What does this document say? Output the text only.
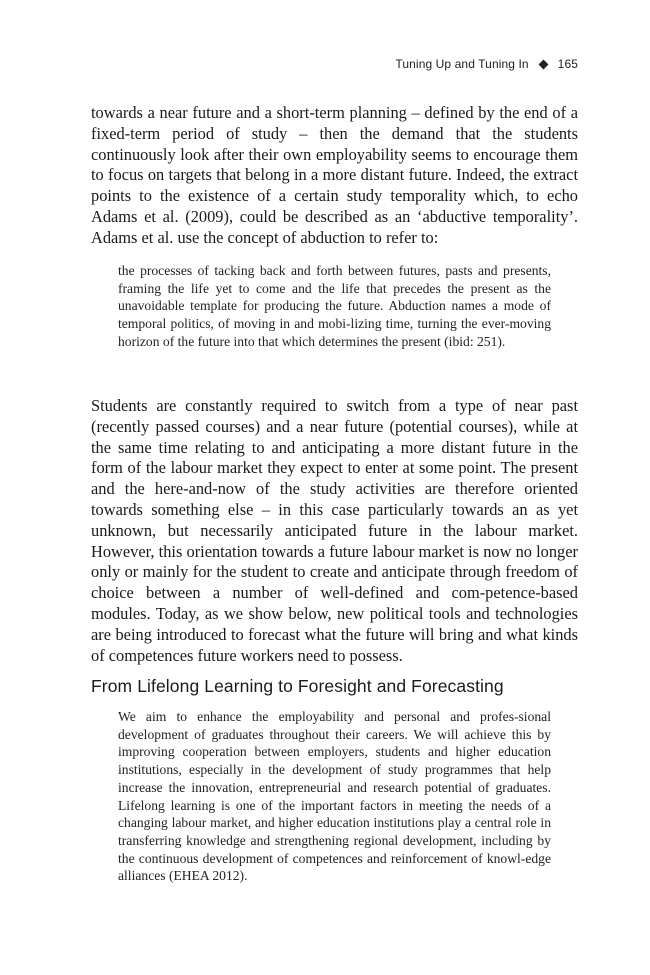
Tuning Up and Tuning In 165

towards a near future and a short-term planning – defined by the end of a fixed-term period of study – then the demand that the students continuously look after their own employability seems to encourage them to focus on targets that belong in a more distant future. Indeed, the extract points to the existence of a certain study temporality which, to echo Adams et al. (2009), could be described as an ‘abductive temporality’. Adams et al. use the concept of abduction to refer to:

the processes of tacking back and forth between futures, pasts and presents, framing the life yet to come and the life that precedes the present as the unavoidable template for producing the future. Abduction names a mode of temporal politics, of moving in and mobi-lizing time, turning the ever-moving horizon of the future into that which determines the present (ibid: 251).

Students are constantly required to switch from a type of near past (recently passed courses) and a near future (potential courses), while at the same time relating to and anticipating a more distant future in the form of the labour market they expect to enter at some point. The present and the here-and-now of the study activities are therefore oriented towards something else – in this case particularly towards an as yet unknown, but necessarily anticipated future in the labour market. However, this orientation towards a future labour market is now no longer only or mainly for the student to create and anticipate through freedom of choice between a number of well-defined and com-petence-based modules. Today, as we show below, new political tools and technologies are being introduced to forecast what the future will bring and what kinds of competences future workers need to possess.

From Lifelong Learning to Foresight and Forecasting

We aim to enhance the employability and personal and profes-sional development of graduates throughout their careers. We will achieve this by improving cooperation between employers, students and higher education institutions, especially in the development of study programmes that help increase the innovation, entrepreneurial and research potential of graduates. Lifelong learning is one of the important factors in meeting the needs of a changing labour market, and higher education institutions play a central role in transferring knowledge and strengthening regional development, including by the continuous development of competences and reinforcement of knowl-edge alliances (EHEA 2012).
